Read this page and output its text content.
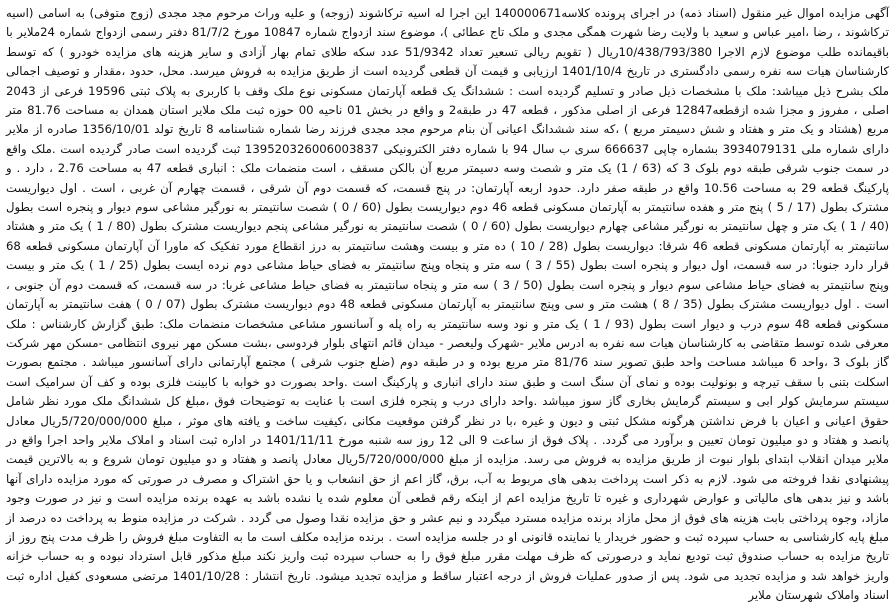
آگهی مزایده اموال غیر منقول (اسناد ذمه) در اجرای پرونده کلاسه140000671 این اجرا له اسیه ترکاشوند (زوجه) و علیه وراث مرحوم مجد مجدی (زوج متوفی) به اسامی (اسیه ترکاشوند ، رضا ،امیر عباس و سعید با ولایت رضا شهرت همگی مجدی و ملک تاج عطائی )، موضوع سند ازدواج شماره 10847 مورخ 81/7/2 دفتر رسمی ازدواج شماره 24ملایر با باقیمانده طلب موضوع لازم الاجرا 10/438/793/380ریال ( تقویم ریالی تسعیر تعداد 51/9342 عدد سکه طلای تمام بهار آزادی و سایر هزینه های مزایده خودرو ) که توسط کارشناسان هیات سه نفره رسمی دادگستری در تاریخ 1401/10/4 ارزیابی و قیمت آن قطعی گردیده است از طریق مزایده به فروش میرسد. محل، حدود ،مقدار و توصیف اجمالی ملک بشرح ذیل میباشد: ملک با مشخصات ذیل صادر و تسلیم گردیده است : ششدانگ یک قطعه آپارتمان مسکونی نوع ملک وقف با کاربری به پلاک ثبتی 19596 فرعی از 2043 اصلی ، مفروز و مجزا شده ازقطعه12847 فرعی از اصلی مذکور ، قطعه 47 در طبقه2 و واقع در بخش 01 ناحیه 00 حوزه ثبت ملک ملایر استان همدان به مساحت 81.76 متر مربع (هشتاد و یک متر و هفتاد و شش دسیمتر مربع ) ،که سند ششدانگ اعیانی آن بنام مرحوم مجد مجدی فرزند رضا شماره شناسنامه 8 تاریخ تولد 1356/10/01 صادره از ملایر دارای شماره ملی 3934079131 بشماره چاپی 666637 سری ب سال 94 با شماره دفتر الکترونیکی 139520326006003837 ثبت گردیده است صادر گردیده است .ملک واقع در سمت جنوب شرقی طبقه دوم بلوک 3 که (63 / 1) یک متر و شصت وسه دسیمتر مربع آن بالکن مسقف ، است منضمات ملک : انباری قطعه 47 به مساحت 2.76 ، دارد . و پارکینگ قطعه 29 به مساحت 10.56 واقع در طبقه صفر دارد. حدود اربعه آپارتمان: در پنج قسمت، که قسمت دوم آن شرقی ، قسمت چهارم آن غربی ، است . اول دیواریست مشترک بطول (17 / 5 ) پنج متر و هفده سانتیمتر به آپارتمان مسکونی قطعه 46 دوم دیواریست بطول (60 / 0 ) شصت سانتیمتر به نورگیر مشاعی سوم دیوار و پنجره است بطول (40 / 1 ) یک متر و چهل سانتیمتر به نورگیر مشاعی چهارم دیواریست بطول (60 / 0 ) شصت سانتیمتر به نورگیر مشاعی پنجم دیواریست مشترک بطول (80 / 1 ) یک متر و هشتاد سانتیمتر به آپارتمان مسکونی قطعه 46 شرقا: دیواریست بطول (28 / 10 ) ده متر و بیست وهشت سانتیمتر به درز انقطاع مورد تفکیک که ماورا آن آپارتمان مسکونی قطعه 68 قرار دارد جنوبا: در سه قسمت، اول دیوار و پنجره است بطول (55 / 3 ) سه متر و پنجاه وپنج سانتیمتر به فضای حیاط مشاعی دوم نرده ایست بطول (25 / 1 ) یک متر و بیست وپنج سانتیمتر به فضای حیاط مشاعی سوم دیوار و پنجره است بطول (50 / 3 ) سه متر و پنجاه سانتیمتر به فضای حیاط مشاعی غربا: در سه قسمت، که قسمت دوم آن جنوبی ، است . اول دیواریست مشترک بطول (35 / 8 ) هشت متر و سی وپنج سانتیمتر به آپارتمان مسکونی قطعه 48 دوم دیواریست مشترک بطول (07 / 0 ) هفت سانتیمتر به آپارتمان مسکونی قطعه 48 سوم درب و دیوار است بطول (93 / 1 ) یک متر و نود وسه سانتیمتر به راه پله و آسانسور مشاعی مشخصات منضمات ملک: طبق گزارش کارشناس : ملک معرفی شده توسط متقاضی به کارشناسان هیات سه نفره به ادرس ملایر -شهرک ولیعصر - میدان قائم انتهای بلوار فردوسی ،بشت مسکن مهر نیروی انتظامی -مسکن مهر شرکت گاز بلوک 3 ،واحد 6 میباشد مساحت واحد طبق تصویر سند 81/76 متر مربع بوده و در طبقه دوم (ضلع جنوب شرقی ) مجتمع آپارتمانی دارای آسانسور میباشد . مجتمع بصورت اسکلت بتنی با سقف تیرچه و بونولیت بوده و نمای آن سنگ است و طبق سند دارای انباری و پارکینگ است .واحد بصورت دو خوابه با کابینت فلزی بوده و کف آن سرامیک است سیستم سرمایش کولر ابی و سیستم گرمایش بخاری گاز سوز میباشد .واحد دارای درب و پنجره فلزی است با عنایت به توضیحات فوق ،مبلغ کل ششدانگ ملک مورد نظر شامل حقوق اعیانی و اعیان با فرض نداشتن هرگونه مشکل ثبتی و دیون و غیره ،با در نظر گرفتن موقعیت مکانی ،کیفیت ساخت و یافته های موثر ، مبلغ 5/720/000/000ریال معادل پانصد و هفتاد و دو میلیون تومان تعیین و برآورد می گردد. . پلاک فوق از ساعت 9 الی 12 روز سه شنبه مورخ 1401/11/11 در اداره ثبت اسناد و املاک ملایر واحد اجرا واقع در ملایر میدان انقلاب ابتدای بلوار نبوت از طریق مزایده به فروش می رسد. مزایده از مبلغ 5/720/000/000ریال معادل پانصد و هفتاد و دو میلیون تومان شروع و به بالاترین قیمت پیشنهادی نقدا فروخته می شود. لازم به ذکر است پرداخت بدهی های مربوط به آب، برق، گاز اعم از حق انشعاب و یا حق اشتراک و مصرف در صورتی که مورد مزایده دارای آنها باشد و نیز بدهی های مالیاتی و عوارض شهرداری و غیره تا تاریخ مزایده اعم از اینکه رقم قطعی آن معلوم شده یا نشده باشد به عهده برنده مزایده است و نیز در صورت وجود مازاد، وجوه پرداختی بابت هزینه های فوق از محل مازاد برنده مزایده مسترد میگردد و نیم عشر و حق مزایده نقدا وصول می گردد . شرکت در مزایده منوط به پرداخت ده درصد از مبلغ پایه کارشناسی به حساب سپرده ثبت و حضور خریدار یا نماینده قانونی او در جلسه مزایده است . برنده مزایده مکلف است ما به التفاوت مبلغ فروش را ظرف مدت پنج روز از تاریخ مزایده به حساب صندوق ثبت تودیع نماید و درصورتی که ظرف مهلت مقرر مبلغ فوق را به حساب سپرده ثبت واریز نکند مبلغ مذکور قابل استرداد نبوده و به حساب خزانه واریز خواهد شد و مزایده تجدید می شود. پس از صدور عملیات فروش از درجه اعتبار ساقط و مزایده تجدید میشود. تاریخ انتشار : 1401/10/28 مرتضی مسعودی کفیل اداره ثبت اسناد واملاک شهرستان ملایر
